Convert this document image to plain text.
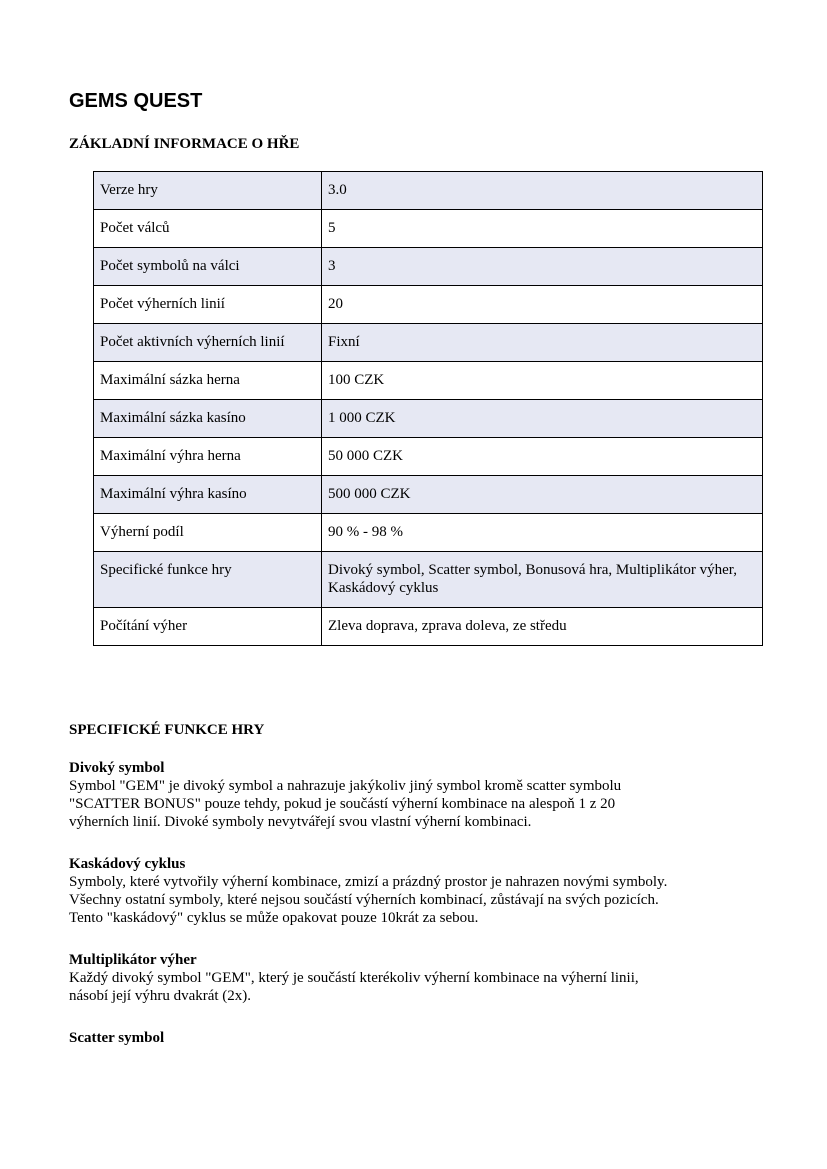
GEMS QUEST
ZÁKLADNÍ INFORMACE O HŘE
Verze hry	3.0
Počet válců	5
Počet symbolů na válci	3
Počet výherních linií	20
Počet aktivních výherních linií	Fixní
Maximální sázka herna	100 CZK
Maximální sázka kasíno	1 000 CZK
Maximální výhra herna	50 000 CZK
Maximální výhra kasíno	500 000 CZK
Výherní podíl	90 % - 98 %
Specifické funkce hry	Divoký symbol, Scatter symbol, Bonusová hra, Multiplikátor výher, Kaskádový cyklus
Počítání výher	Zleva doprava, zprava doleva, ze středu
SPECIFICKÉ FUNKCE HRY

Divoký symbol

Symbol "GEM" je divoký symbol a nahrazuje jakýkoliv jiný symbol kromě scatter symbolu
"SCATTER BONUS" pouze tehdy, pokud je součástí výherní kombinace na alespoň 1 z 20
výherních linií. Divoké symboly nevytvářejí svou vlastní výherní kombinaci.

Kaskádový cyklus

Symboly, které vytvořily výherní kombinace, zmizí a prázdný prostor je nahrazen novými symboly.
Všechny ostatní symboly, které nejsou součástí výherních kombinací, zůstávají na svých pozicích.
Tento "kaskádový" cyklus se může opakovat pouze 10krát za sebou.

Multiplikátor výher

Každý divoký symbol "GEM", který je součástí kterékoliv výherní kombinace na výherní linii,
násobí její výhru dvakrát (2x).

Scatter symbol
